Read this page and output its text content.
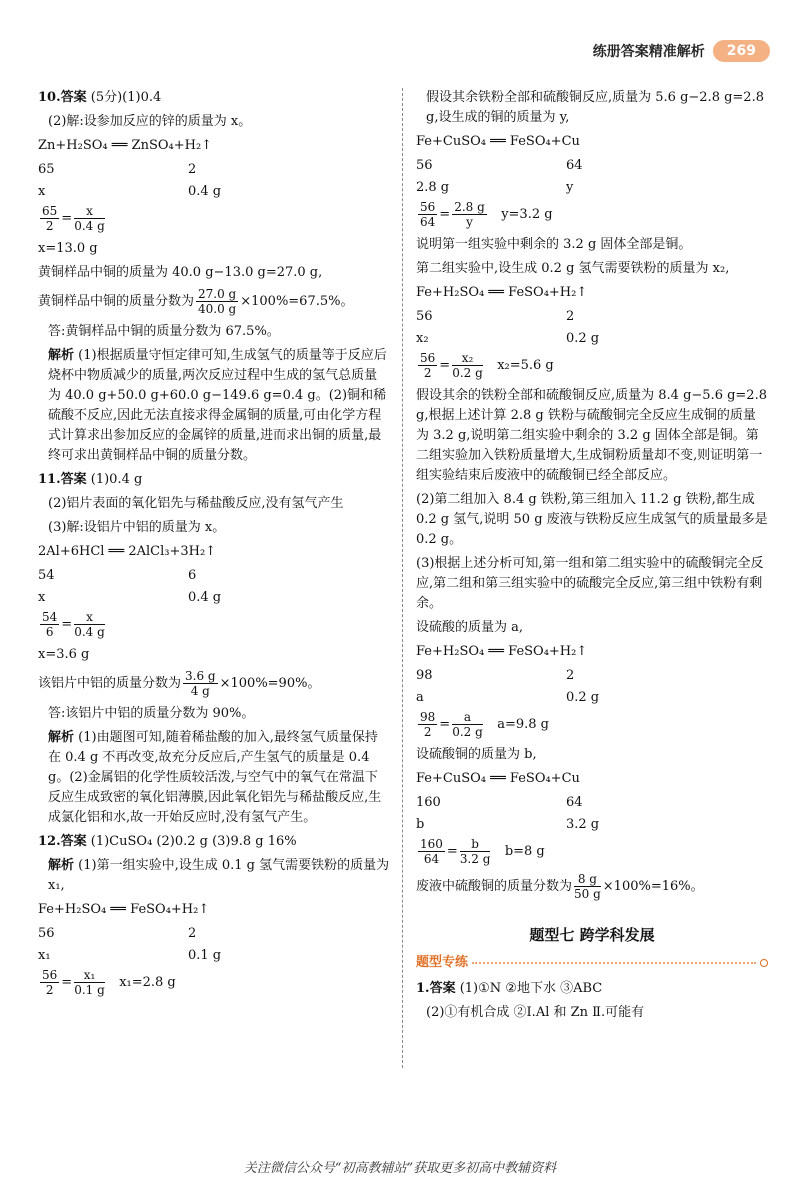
练册答案精准解析	269

10.答案 (5分)(1)0.4

(2)解:设参加反应的锌的质量为 x。

Zn+H₂SO₄ ══ ZnSO₄+H₂↑

65	2
x	0.4 g
$\frac{65}{2} = \frac{x}{0.4 g}$

x=13.0 g

黄铜样品中铜的质量为 40.0 g−13.0 g=27.0 g,

黄铜样品中铜的质量分数为 $\frac{27.0 g}{40.0 g} \times 100\%=67.5\%$。

答:黄铜样品中铜的质量分数为 67.5%。

解析 (1)根据质量守恒定律可知,生成氢气的质量等于反应后烧杯中物质减少的质量,两次反应过程中生成的氢气总质量为 40.0 g+50.0 g+60.0 g−149.6 g=0.4 g。(2)铜和稀硫酸不反应,因此无法直接求得金属铜的质量,可由化学方程式计算求出参加反应的金属锌的质量,进而求出铜的质量,最终可求出黄铜样品中铜的质量分数。

11.答案 (1)0.4 g

(2)铝片表面的氧化铝先与稀盐酸反应,没有氢气产生

(3)解:设铝片中铝的质量为 x。

2Al+6HCl ══ 2AlCl₃+3H₂↑

54	6
x	0.4 g
$\frac{54}{6} = \frac{x}{0.4 g}$

x=3.6 g

该铝片中铝的质量分数为 $\frac{3.6 g}{4 g} \times 100\%=90\%$。

答:该铝片中铝的质量分数为 90%。

解析 (1)由题图可知,随着稀盐酸的加入,最终氢气质量保持在 0.4 g 不再改变,故充分反应后,产生氢气的质量是 0.4 g。(2)金属铝的化学性质较活泼,与空气中的氧气在常温下反应生成致密的氧化铝薄膜,因此氧化铝先与稀盐酸反应,生成氯化铝和水,故一开始反应时,没有氢气产生。

12.答案 (1)CuSO₄ (2)0.2 g (3)9.8 g 16%

解析 (1)第一组实验中,设生成 0.1 g 氢气需要铁粉的质量为 x₁,

Fe+H₂SO₄ ══ FeSO₄+H₂↑

56	2
x₁	0.1 g
$\frac{56}{2} = \frac{\text{x₁}}{0.1 g} x_1=2.8$ g

假设其余铁粉全部和硫酸铜反应,质量为 5.6 g−2.8 g=2.8 g,设生成的铜的质量为 y,

Fe+CuSO₄ ══ FeSO₄+Cu

56	64
2.8 g	y
$\frac{56}{64} = \frac{2.8 g}{y} y=3.2$ g

说明第一组实验中剩余的 3.2 g 固体全部是铜。

第二组实验中,设生成 0.2 g 氢气需要铁粉的质量为 x₂,

Fe+H₂SO₄ ══ FeSO₄+H₂↑

56	2
x₂	0.2 g
$\frac{56}{2} = \frac{\text{x₂}}{0.2 g} x_2=5.6$ g

假设其余的铁粉全部和硫酸铜反应,质量为 8.4 g−5.6 g=2.8 g,根据上述计算 2.8 g 铁粉与硫酸铜完全反应生成铜的质量为 3.2 g,说明第二组实验中剩余的 3.2 g 固体全部是铜。第二组实验加入铁粉质量增大,生成铜粉质量却不变,则证明第一组实验结束后废液中的硫酸铜已经全部反应。

(2)第二组加入 8.4 g 铁粉,第三组加入 11.2 g 铁粉,都生成 0.2 g 氢气,说明 50 g 废液与铁粉反应生成氢气的质量最多是 0.2 g。

(3)根据上述分析可知,第一组和第二组实验中的硫酸铜完全反应,第二组和第三组实验中的硫酸完全反应,第三组中铁粉有剩余。

设硫酸的质量为 a,

Fe+H₂SO₄ ══ FeSO₄+H₂↑

98	2
a	0.2 g
$\frac{98}{2} = \frac{a}{0.2 g} a=9.8$ g

设硫酸铜的质量为 b,

Fe+CuSO₄ ══ FeSO₄+Cu

160	64
b	3.2 g
$\frac{160}{64} = \frac{b}{3.2 g} b=8$ g
废液中硫酸铜的质量分数为 $\frac{8 g}{50 g} \times 100\%=16\%$。
题型七 跨学科发展
题型专练

1.答案 (1)①N ②地下水 ③ABC

(2)①有机合成 ②Ⅰ.Al 和 Zn Ⅱ.可能有

关注微信公众号“初高教辅站”获取更多初高中教辅资料
